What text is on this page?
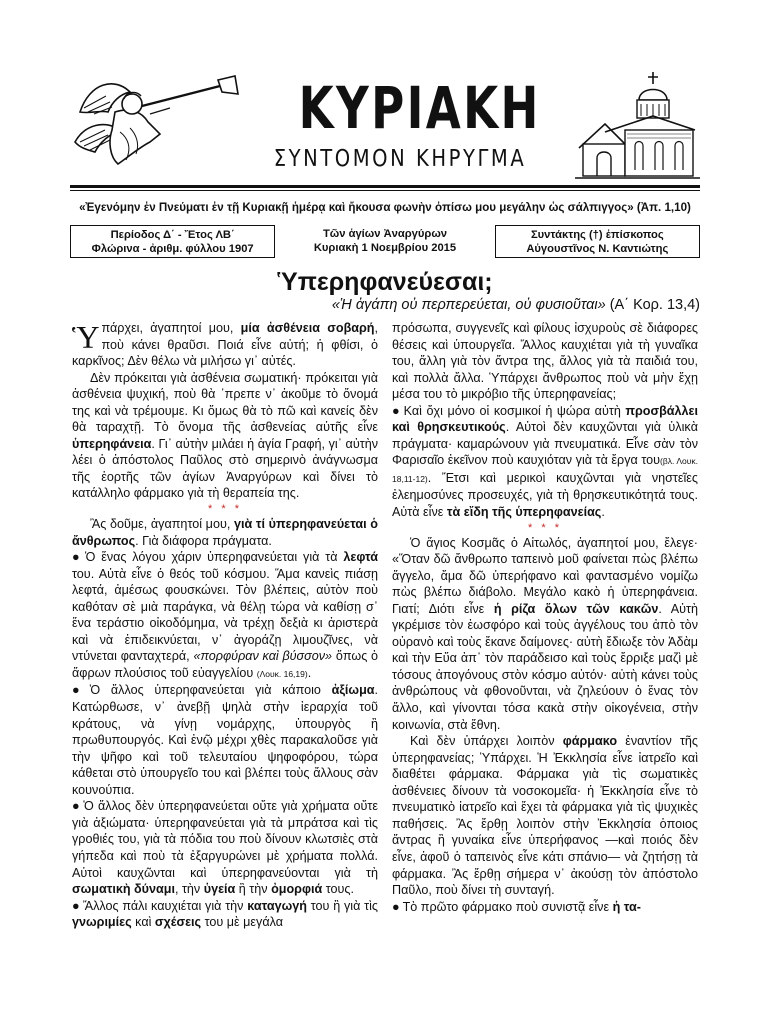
ΚΥΡΙΑΚΗ
ΣΥΝΤΟΜΟΝ ΚΗΡΥΓΜΑ
«Ἐγενόμην ἐν Πνεύματι ἐν τῇ Κυριακῇ ἡμέρᾳ καὶ ἤκουσα φωνὴν ὀπίσω μου μεγάλην ὡς σάλπιγγος» (Ἀπ. 1,10)
Περίοδος Δ΄ - Ἔτος ΛΒ΄
Φλώρινα - ἀριθμ. φύλλου 1907
Τῶν ἁγίων Ἀναργύρων
Κυριακὴ 1 Νοεμβρίου 2015
Συντάκτης (†) ἐπίσκοπος
Αὐγουστῖνος Ν. Καντιώτης
Ὑπερηφανεύεσαι;
«Ἡ ἀγάπη οὐ περπερεύεται, οὐ φυσιοῦται» (Α΄ Κορ. 13,4)

Ὑπάρχει, ἀγαπητοί μου, μία ἀσθένεια σοβαρή, ποὺ κάνει θραῦσι. Ποιά εἶνε αὐτή; ἡ φθίσι, ὁ καρκῖνος; Δὲν θέλω νὰ μιλήσω γι᾽ αὐτές.

Δὲν πρόκειται γιὰ ἀσθένεια σωματική· πρόκειται γιὰ ἀσθένεια ψυχική, ποὺ θὰ ᾽πρεπε ν᾽ ἀκοῦμε τὸ ὄνομά της καὶ νὰ τρέμουμε. Κι ὅμως θὰ τὸ πῶ καὶ κανείς δὲν θὰ ταραχτῇ. Τὸ ὄνομα τῆς ἀσθενείας αὐτῆς εἶνε ὑπερηφάνεια. Γι᾽ αὐτὴν μιλάει ἡ ἁγία Γραφή, γι᾽ αὐτὴν λέει ὁ ἀπόστολος Παῦλος στὸ σημερινὸ ἀνάγνωσμα τῆς ἑορτῆς τῶν ἁγίων Ἀναργύρων καὶ δίνει τὸ κατάλληλο φάρμακο γιὰ τὴ θεραπεία της.

* * *

Ἂς δοῦμε, ἀγαπητοί μου, γιὰ τί ὑπερηφανεύεται ὁ ἄνθρωπος. Γιὰ διάφορα πράγματα.

● Ὁ ἕνας λόγου χάριν ὑπερηφανεύεται γιὰ τὰ λεφτά του. Αὐτὰ εἶνε ὁ θεός τοῦ κόσμου. Ἅμα κανεὶς πιάσῃ λεφτά, ἀμέσως φουσκώνει. Τὸν βλέπεις, αὐτὸν ποὺ καθόταν σὲ μιὰ παράγκα, νὰ θέλῃ τώρα νὰ καθίσῃ σ᾽ ἕνα τεράστιο οἰκοδόμημα, νὰ τρέχῃ δεξιὰ κι ἀριστερὰ καὶ νὰ ἐπιδεικνύεται, ν᾽ ἀγοράζῃ λιμουζῖνες, νὰ ντύνεται φανταχτερά, «πορφύραν καὶ βύσσον» ὅπως ὁ ἄφρων πλούσιος τοῦ εὐαγγελίου (Λουκ. 16,19).

● Ὁ ἄλλος ὑπερηφανεύεται γιὰ κάποιο ἀξίωμα. Κατώρθωσε, ν᾽ ἀνεβῇ ψηλὰ στὴν ἱεραρχία τοῦ κράτους, νὰ γίνῃ νομάρχης, ὑπουργὸς ἢ πρωθυπουργός. Καὶ ἐνῷ μέχρι χθὲς παρακαλοῦσε γιὰ τὴν ψῆφο καὶ τοῦ τελευταίου ψηφοφόρου, τώρα κάθεται στὸ ὑπουργεῖο του καὶ βλέπει τοὺς ἄλλους σὰν κουνούπια.

● Ὁ ἄλλος δὲν ὑπερηφανεύεται οὔτε γιὰ χρήματα οὔτε γιὰ ἀξιώματα· ὑπερηφανεύεται γιὰ τὰ μπράτσα καὶ τὶς γροθιές του, γιὰ τὰ πόδια του ποὺ δίνουν κλωτσιὲς στὰ γήπεδα καὶ ποὺ τὰ ἐξαργυρώνει μὲ χρήματα πολλά. Αὐτοὶ καυχῶνται καὶ ὑπερηφανεύονται γιὰ τὴ σωματικὴ δύναμι, τὴν ὑγεία ἢ τὴν ὀμορφιά τους.

● Ἄλλος πάλι καυχιέται γιὰ τὴν καταγωγή του ἢ γιὰ τὶς γνωριμίες καὶ σχέσεις του μὲ μεγάλα

πρόσωπα, συγγενεῖς καὶ φίλους ἰσχυροὺς σὲ διάφορες θέσεις καὶ ὑπουργεῖα. Ἄλλος καυχιέται γιὰ τὴ γυναῖκα του, ἄλλη γιὰ τὸν ἄντρα της, ἄλλος γιὰ τὰ παιδιά του, καὶ πολλὰ ἄλλα. Ὑπάρχει ἄνθρωπος ποὺ νὰ μὴν ἔχῃ μέσα του τὸ μικρόβιο τῆς ὑπερηφανείας;

● Καὶ ὄχι μόνο οἱ κοσμικοί ἡ ψώρα αὐτὴ προσβάλλει καὶ θρησκευτικούς. Αὐτοὶ δὲν καυχῶνται γιὰ ὑλικὰ πράγματα· καμαρώνουν γιὰ πνευματικά. Εἶνε σὰν τὸν Φαρισαῖο ἐκεῖνον ποὺ καυχιόταν γιὰ τὰ ἔργα του(βλ. Λουκ. 18,11-12). Ἔτσι καὶ μερικοὶ καυχῶνται γιὰ νηστεῖες ἐλεημοσύνες προσευχές, γιὰ τὴ θρησκευτικότητά τους. Αὐτὰ εἶνε τὰ εἴδη τῆς ὑπερηφανείας.

* * *

Ὁ ἅγιος Κοσμᾶς ὁ Αἰτωλός, ἀγαπητοί μου, ἔλεγε· «Ὅταν δῶ ἄνθρωπο ταπεινὸ μοῦ φαίνεται πὼς βλέπω ἄγγελο, ἄμα δῶ ὑπερήφανο καὶ φαντασμένο νομίζω πὼς βλέπω διάβολο. Μεγάλο κακὸ ἡ ὑπερηφάνεια. Γιατί; Διότι εἶνε ἡ ρίζα ὅλων τῶν κακῶν. Αὐτὴ γκρέμισε τὸν ἑωσφόρο καὶ τοὺς ἀγγέλους του ἀπὸ τὸν οὐρανὸ καὶ τοὺς ἔκανε δαίμονες· αὐτὴ ἔδιωξε τὸν Ἀδὰμ καὶ τὴν Εὔα ἀπ᾽ τὸν παράδεισο καὶ τοὺς ἔρριξε μαζὶ μὲ τόσους ἀπογόνους στὸν κόσμο αὐτόν· αὐτὴ κάνει τοὺς ἀνθρώπους νὰ φθονοῦνται, νὰ ζηλεύουν ὁ ἕνας τὸν ἄλλο, καὶ γίνονται τόσα κακὰ στὴν οἰκογένεια, στὴν κοινωνία, στὰ ἔθνη.

Καὶ δὲν ὑπάρχει λοιπὸν φάρμακο ἐναντίον τῆς ὑπερηφανείας; Ὑπάρχει. Ἡ Ἐκκλησία εἶνε ἰατρεῖο καὶ διαθέτει φάρμακα. Φάρμακα γιὰ τὶς σωματικὲς ἀσθένειες δίνουν τὰ νοσοκομεῖα· ἡ Ἐκκλησία εἶνε τὸ πνευματικὸ ἰατρεῖο καὶ ἔχει τὰ φάρμακα γιὰ τὶς ψυχικὲς παθήσεις. Ἂς ἔρθῃ λοιπὸν στὴν Ἐκκλησία ὁποιος ἄντρας ἢ γυναίκα εἶνε ὑπερήφανος —καὶ ποιός δὲν εἶνε, ἀφοῦ ὁ ταπεινὸς εἶνε κάτι σπάνιο— νὰ ζητήσῃ τὰ φάρμακα. Ἂς ἔρθῃ σήμερα ν᾽ ἀκούσῃ τὸν ἀπόστολο Παῦλο, ποὺ δίνει τὴ συνταγή.

● Τὸ πρῶτο φάρμακο ποὺ συνιστᾷ εἶνε ἡ τα-
